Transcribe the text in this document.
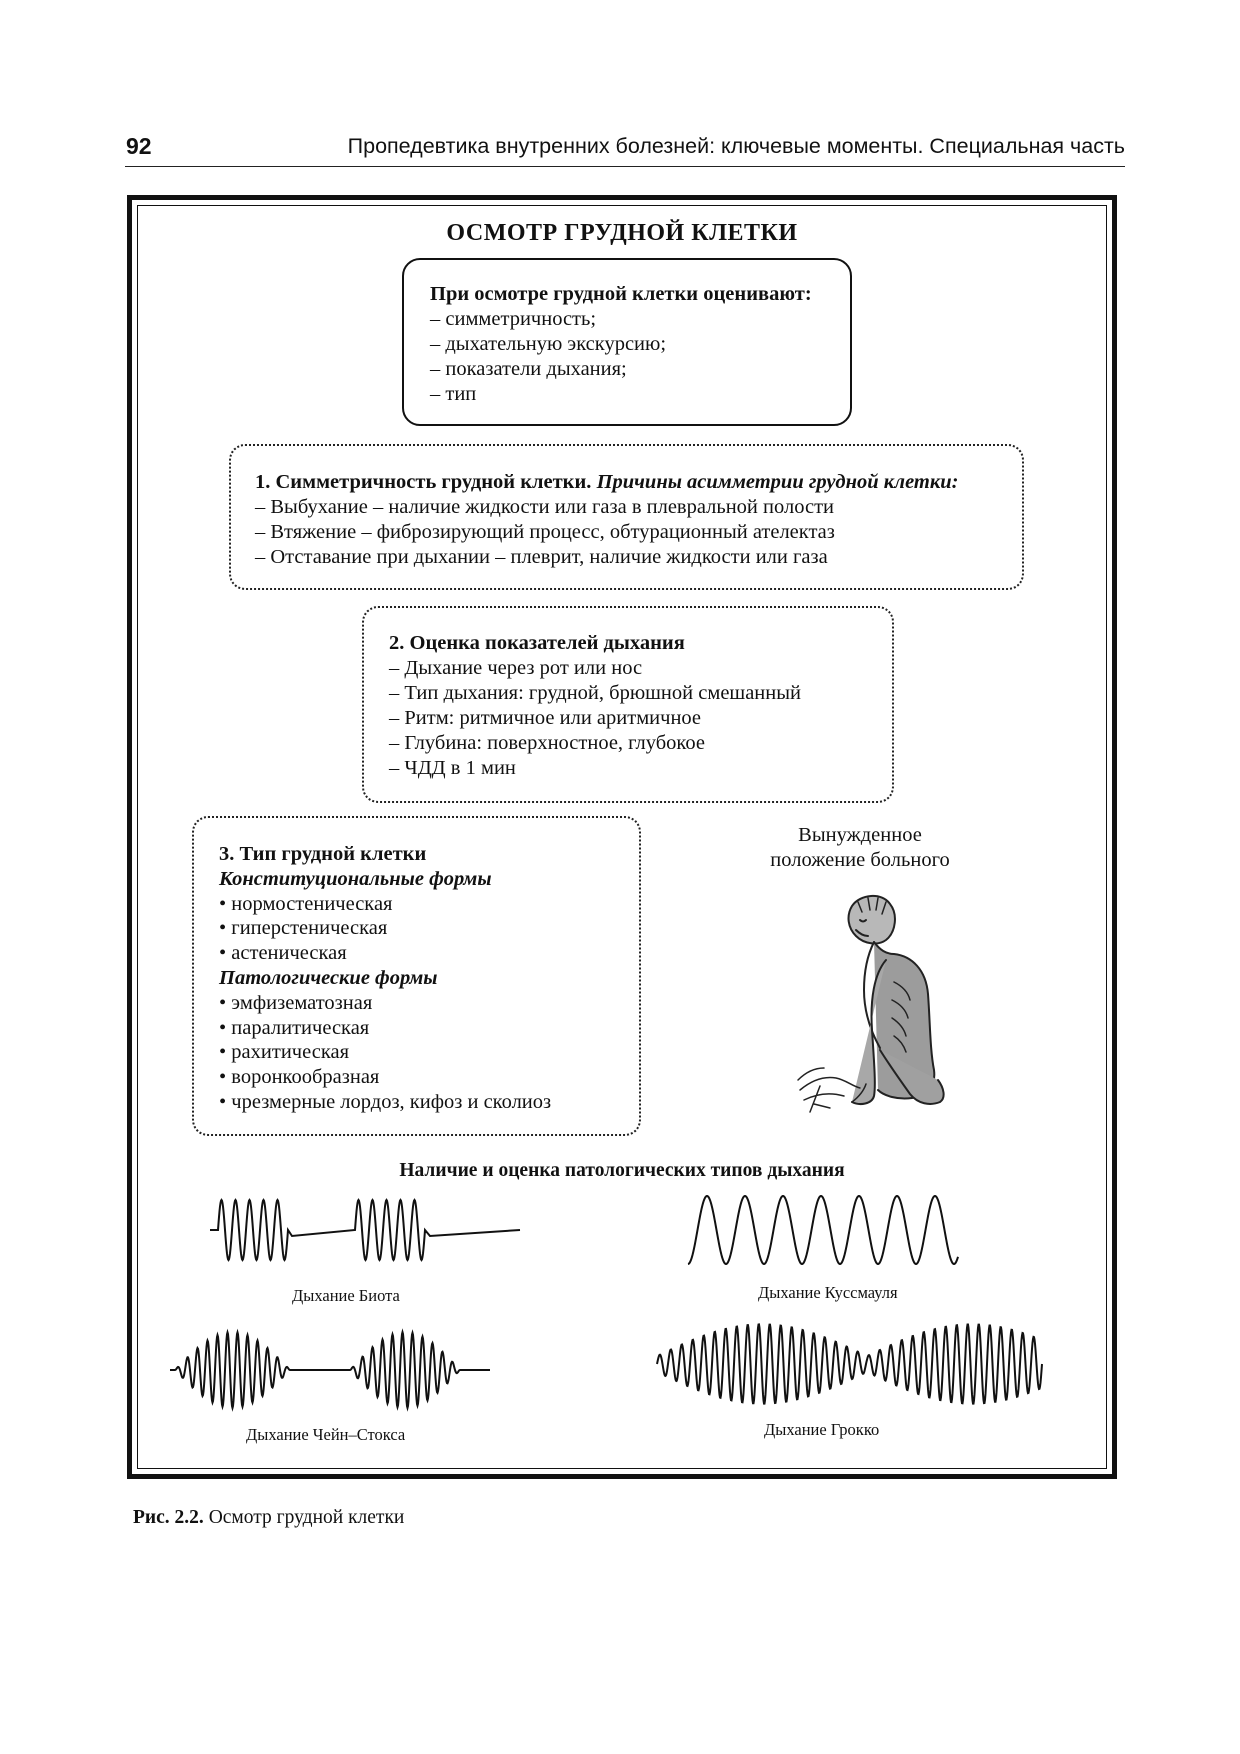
92	Пропедевтика внутренних болезней: ключевые моменты. Специальная часть
ОСМОТР ГРУДНОЙ КЛЕТКИ
При осмотре грудной клетки оценивают:
– симметричность;
– дыхательную экскурсию;
– показатели дыхания;
– тип
1. Симметричность грудной клетки. Причины асимметрии грудной клетки:
– Выбухание – наличие жидкости или газа в плевральной полости
– Втяжение – фиброзирующий процесс, обтурационный ателектаз
– Отставание при дыхании – плеврит, наличие жидкости или газа
2. Оценка показателей дыхания
– Дыхание через рот или нос
– Тип дыхания: грудной, брюшной смешанный
– Ритм: ритмичное или аритмичное
– Глубина: поверхностное, глубокое
– ЧДД в 1 мин
3. Тип грудной клетки
Конституциональные формы
• нормостеническая
• гиперстеническая
• астеническая
Патологические формы
• эмфизематозная
• паралитическая
• рахитическая
• воронкообразная
• чрезмерные лордоз, кифоз и сколиоз
Вынужденное
положение больного
Наличие и оценка патологических типов дыхания
Дыхание Биота	Дыхание Куссмауля
Дыхание Чейн–Стокса	Дыхание Грокко
Рис. 2.2. Осмотр грудной клетки
